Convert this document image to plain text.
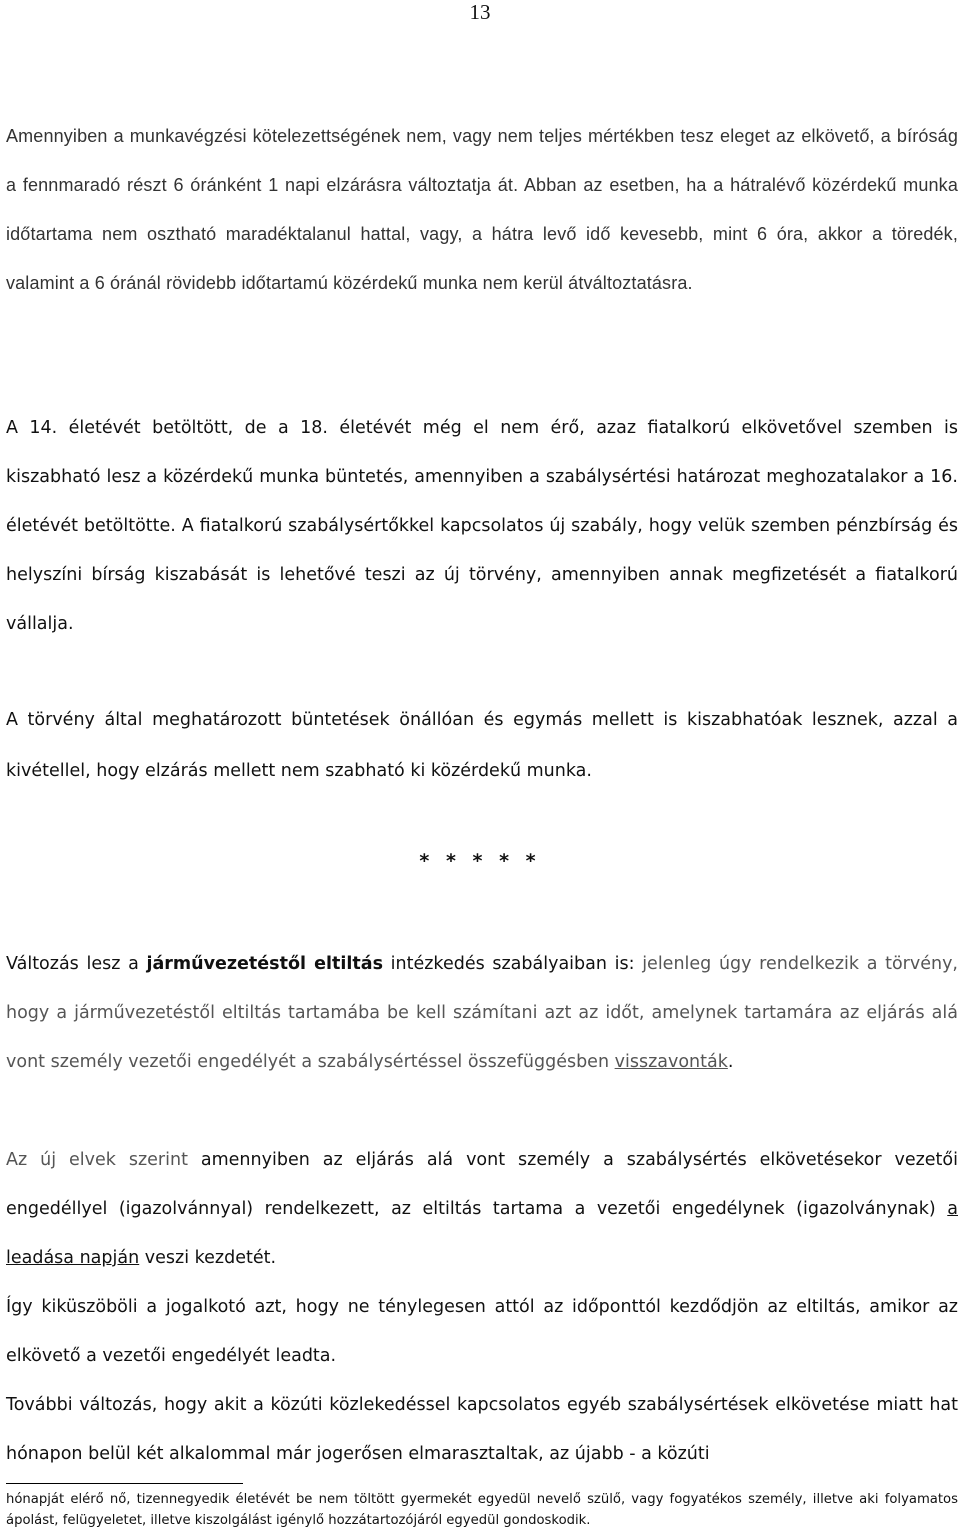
13

Amennyiben a munkavégzési kötelezettségének nem, vagy nem teljes mértékben tesz eleget az elkövető, a bíróság a fennmaradó részt 6 óránként 1 napi elzárásra változtatja át. Abban az esetben, ha a hátralévő közérdekű munka időtartama nem osztható maradéktalanul hattal, vagy, a hátra levő idő kevesebb, mint 6 óra, akkor a töredék, valamint a 6 óránál rövidebb időtartamú közérdekű munka nem kerül átváltoztatásra.

A 14. életévét betöltött, de a 18. életévét még el nem érő, azaz fiatalkorú elkövetővel szemben is kiszabható lesz a közérdekű munka büntetés, amennyiben a szabálysértési határozat meghozatalakor a 16. életévét betöltötte. A fiatalkorú szabálysértőkkel kapcsolatos új szabály, hogy velük szemben pénzbírság és helyszíni bírság kiszabását is lehetővé teszi az új törvény, amennyiben annak megfizetését a fiatalkorú vállalja.

A törvény által meghatározott büntetések önállóan és egymás mellett is kiszabhatóak lesznek, azzal a kivétellel, hogy elzárás mellett nem szabható ki közérdekű munka.

* * * * *

Változás lesz a járművezetéstől eltiltás intézkedés szabályaiban is: jelenleg úgy rendelkezik a törvény, hogy a járművezetéstől eltiltás tartamába be kell számítani azt az időt, amelynek tartamára az eljárás alá vont személy vezetői engedélyét a szabálysértéssel összefüggésben visszavonták.

Az új elvek szerint amennyiben az eljárás alá vont személy a szabálysértés elkövetésekor vezetői engedéllyel (igazolvánnyal) rendelkezett, az eltiltás tartama a vezetői engedélynek (igazolványnak) a leadása napján veszi kezdetét.

Így kiküszöböli a jogalkotó azt, hogy ne ténylegesen attól az időponttól kezdődjön az eltiltás, amikor az elkövető a vezetői engedélyét leadta.

További változás, hogy akit a közúti közlekedéssel kapcsolatos egyéb szabálysértések elkövetése miatt hat hónapon belül két alkalommal már jogerősen elmarasztaltak, az újabb - a közúti

hónapját elérő nő, tizennegyedik életévét be nem töltött gyermekét egyedül nevelő szülő, vagy fogyatékos személy, illetve aki folyamatos ápolást, felügyeletet, illetve kiszolgálást igénylő hozzátartozójáról egyedül gondoskodik.
